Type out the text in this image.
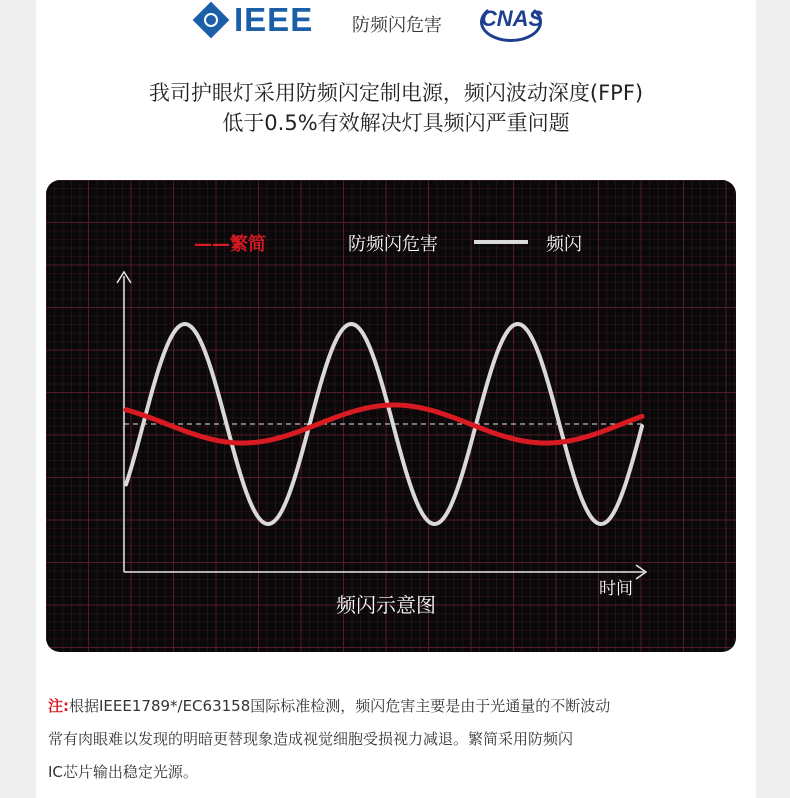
IEEE 防频闪危害	CNAS
我司护眼灯采用防频闪定制电源，频闪波动深度(FPF)
低于0.5%有效解决灯具频闪严重问题
——繁简	防频闪危害	频闪
时间
频闪示意图
注:根据IEEE1789*/EC63158国际标准检测，频闪危害主要是由于光通量的不断波动
常有肉眼难以发现的明暗更替现象造成视觉细胞受损视力减退。繁简采用防频闪
IC芯片输出稳定光源。
